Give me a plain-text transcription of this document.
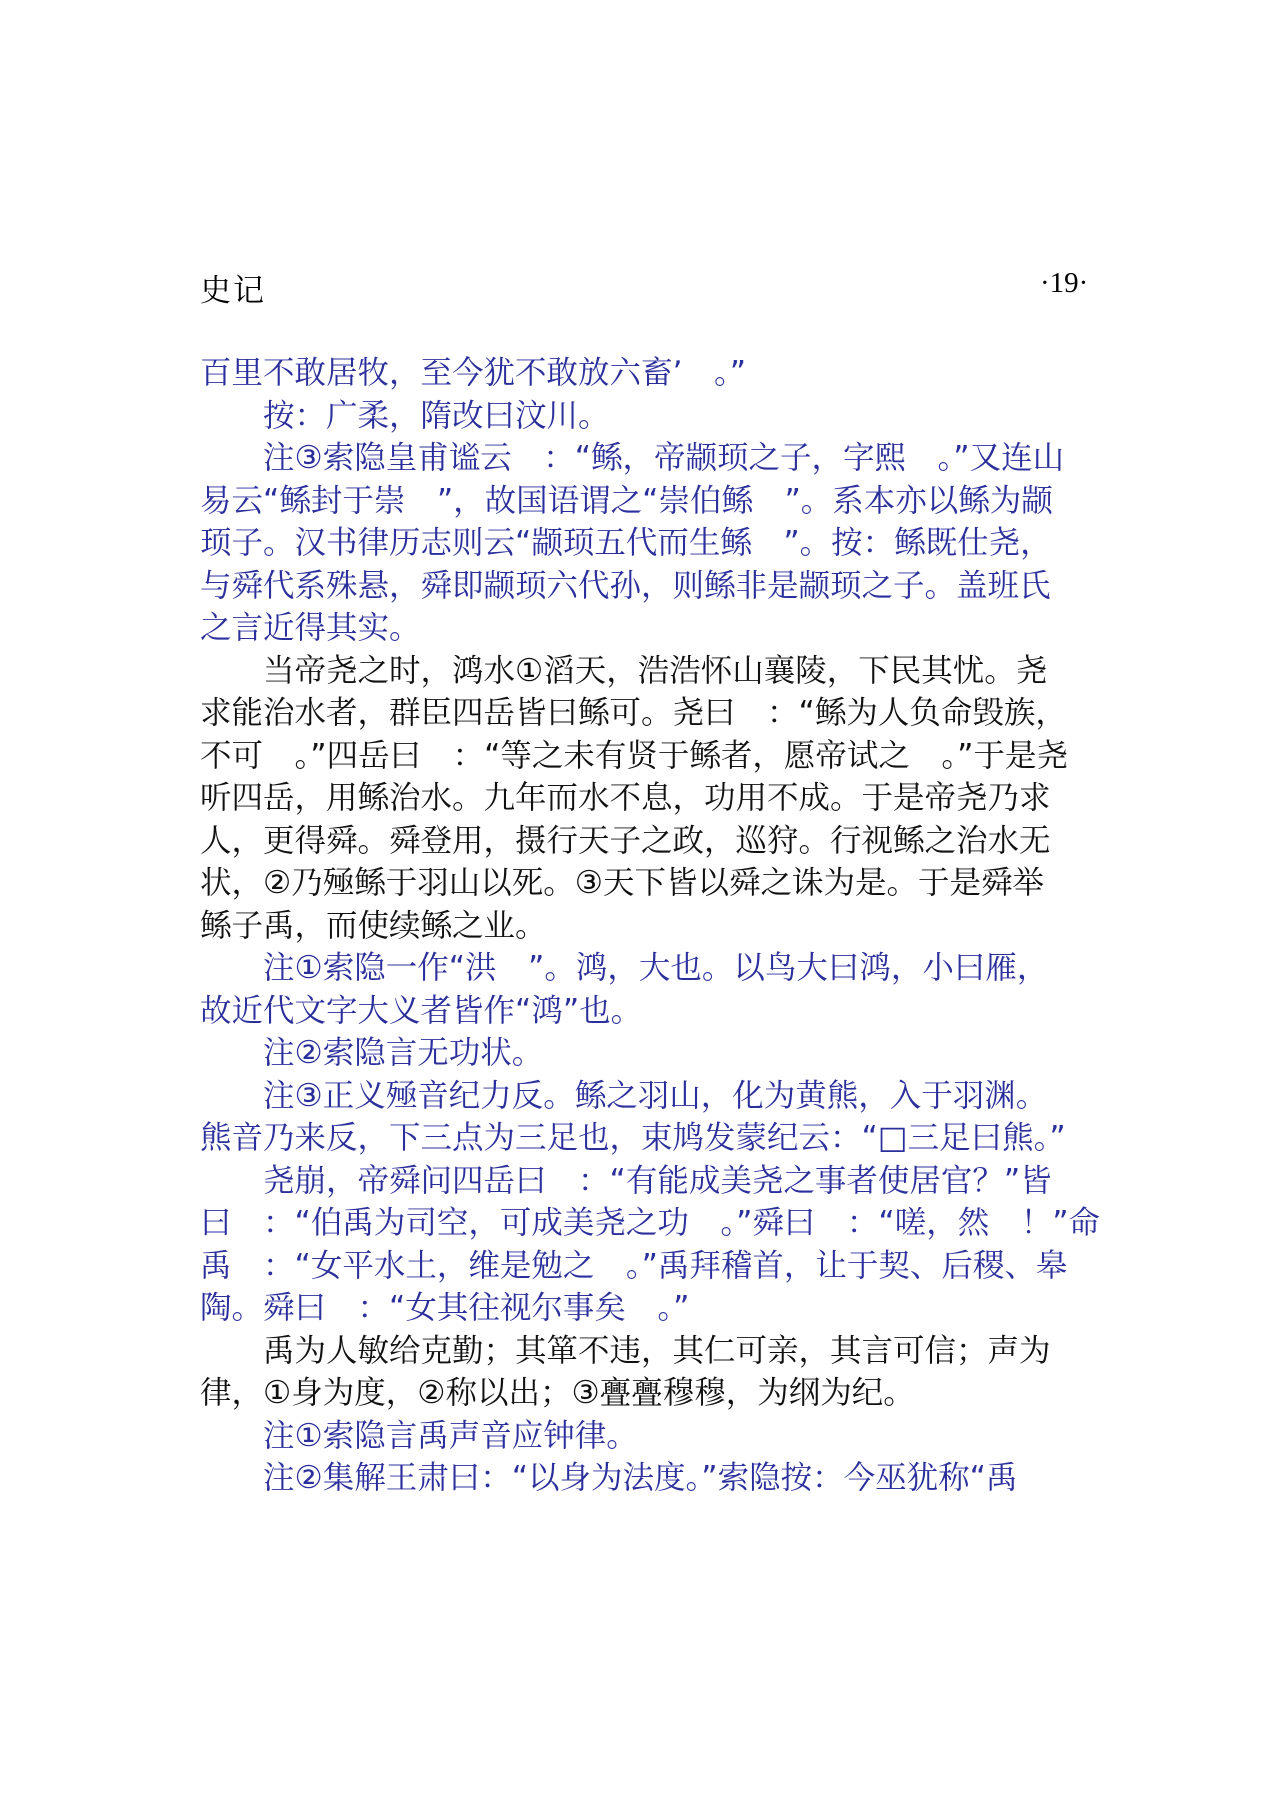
史记	·19·
百里不敢居牧，至今犹不敢放六畜’　。”
　　按：广柔，隋改曰汶川。
　　注③索隐皇甫谧云　：“鲧，帝颛顼之子，字熙　。”又连山
易云“鲧封于崇　”，故国语谓之“崇伯鲧　”。系本亦以鲧为颛
顼子。汉书律历志则云“颛顼五代而生鲧　”。按：鲧既仕尧，
与舜代系殊悬，舜即颛顼六代孙，则鲧非是颛顼之子。盖班氏
之言近得其实。
　　当帝尧之时，鸿水①滔天，浩浩怀山襄陵，下民其忧。尧
求能治水者，群臣四岳皆曰鲧可。尧曰　：“鲧为人负命毁族，
不可　。”四岳曰　：“等之未有贤于鲧者，愿帝试之　。”于是尧
听四岳，用鲧治水。九年而水不息，功用不成。于是帝尧乃求
人，更得舜。舜登用，摄行天子之政，巡狩。行视鲧之治水无
状，②乃殛鲧于羽山以死。③天下皆以舜之诛为是。于是舜举
鲧子禹，而使续鲧之业。
　　注①索隐一作“洪　”。鸿，大也。以鸟大曰鸿，小曰雁，
故近代文字大义者皆作“鸿”也。
　　注②索隐言无功状。
　　注③正义殛音纪力反。鲧之羽山，化为黄熊，入于羽渊。
熊音乃来反，下三点为三足也，束鸠发蒙纪云：“□三足曰熊。”
　　尧崩，帝舜问四岳曰　：“有能成美尧之事者使居官？”皆
曰　：“伯禹为司空，可成美尧之功　。”舜曰　：“嗟，然　！”命
禹　：“女平水土，维是勉之　。”禹拜稽首，让于契、后稷、皋
陶。舜曰　：“女其往视尔事矣　。”
　　禹为人敏给克勤；其箪不违，其仁可亲，其言可信；声为
律，①身为度，②称以出；③亹亹穆穆，为纲为纪。
　　注①索隐言禹声音应钟律。
　　注②集解王肃曰：“以身为法度。”索隐按：今巫犹称“禹
